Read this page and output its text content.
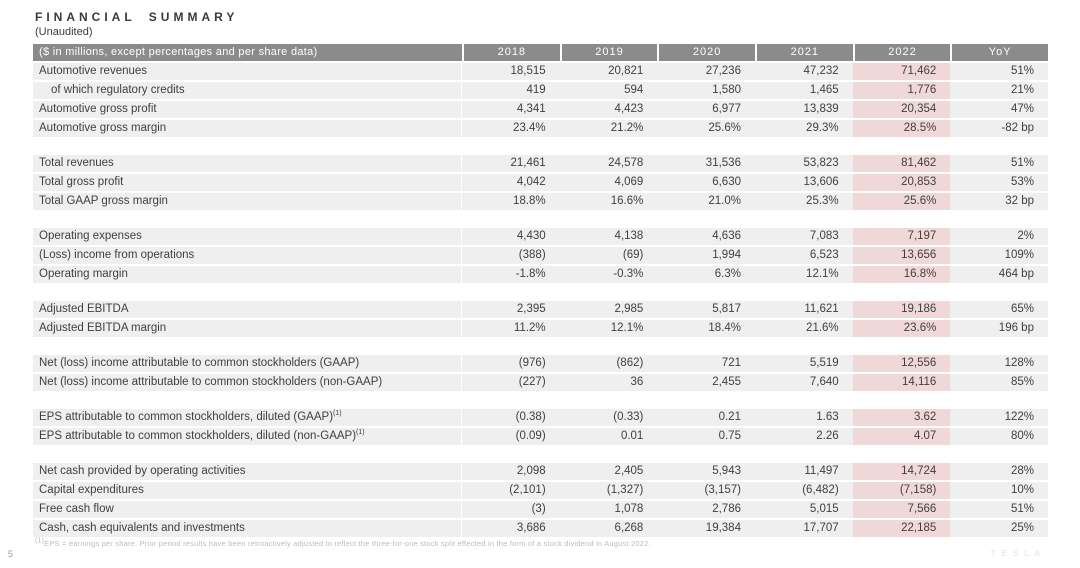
FINANCIAL SUMMARY
(Unaudited)
($ in millions, except percentages and per share data)	2018	2019	2020	2021	2022	YoY
Automotive revenues	18,515	20,821	27,236	47,232	71,462	51%
of which regulatory credits	419	594	1,580	1,465	1,776	21%
Automotive gross profit	4,341	4,423	6,977	13,839	20,354	47%
Automotive gross margin	23.4%	21.2%	25.6%	29.3%	28.5%	-82 bp
Total revenues	21,461	24,578	31,536	53,823	81,462	51%
Total gross profit	4,042	4,069	6,630	13,606	20,853	53%
Total GAAP gross margin	18.8%	16.6%	21.0%	25.3%	25.6%	32 bp
Operating expenses	4,430	4,138	4,636	7,083	7,197	2%
(Loss) income from operations	(388)	(69)	1,994	6,523	13,656	109%
Operating margin	-1.8%	-0.3%	6.3%	12.1%	16.8%	464 bp
Adjusted EBITDA	2,395	2,985	5,817	11,621	19,186	65%
Adjusted EBITDA margin	11.2%	12.1%	18.4%	21.6%	23.6%	196 bp
Net (loss) income attributable to common stockholders (GAAP)	(976)	(862)	721	5,519	12,556	128%
Net (loss) income attributable to common stockholders (non-GAAP)	(227)	36	2,455	7,640	14,116	85%
EPS attributable to common stockholders, diluted (GAAP)$^{(1)}$	(0.38)	(0.33)	0.21	1.63	3.62	122%
EPS attributable to common stockholders, diluted (non-GAAP)$^{(1)}$	(0.09)	0.01	0.75	2.26	4.07	80%
Net cash provided by operating activities	2,098	2,405	5,943	11,497	14,724	28%
Capital expenditures	(2,101)	(1,327)	(3,157)	(6,482)	(7,158)	10%
Free cash flow	(3)	1,078	2,786	5,015	7,566	51%
Cash, cash equivalents and investments	3,686	6,268	19,384	17,707	22,185	25%
$^{(1)}$EPS = earnings per share. Prior period results have been retroactively adjusted to reflect the three-for-one stock split effected in the form of a stock dividend in August 2022.
5	TESLA
